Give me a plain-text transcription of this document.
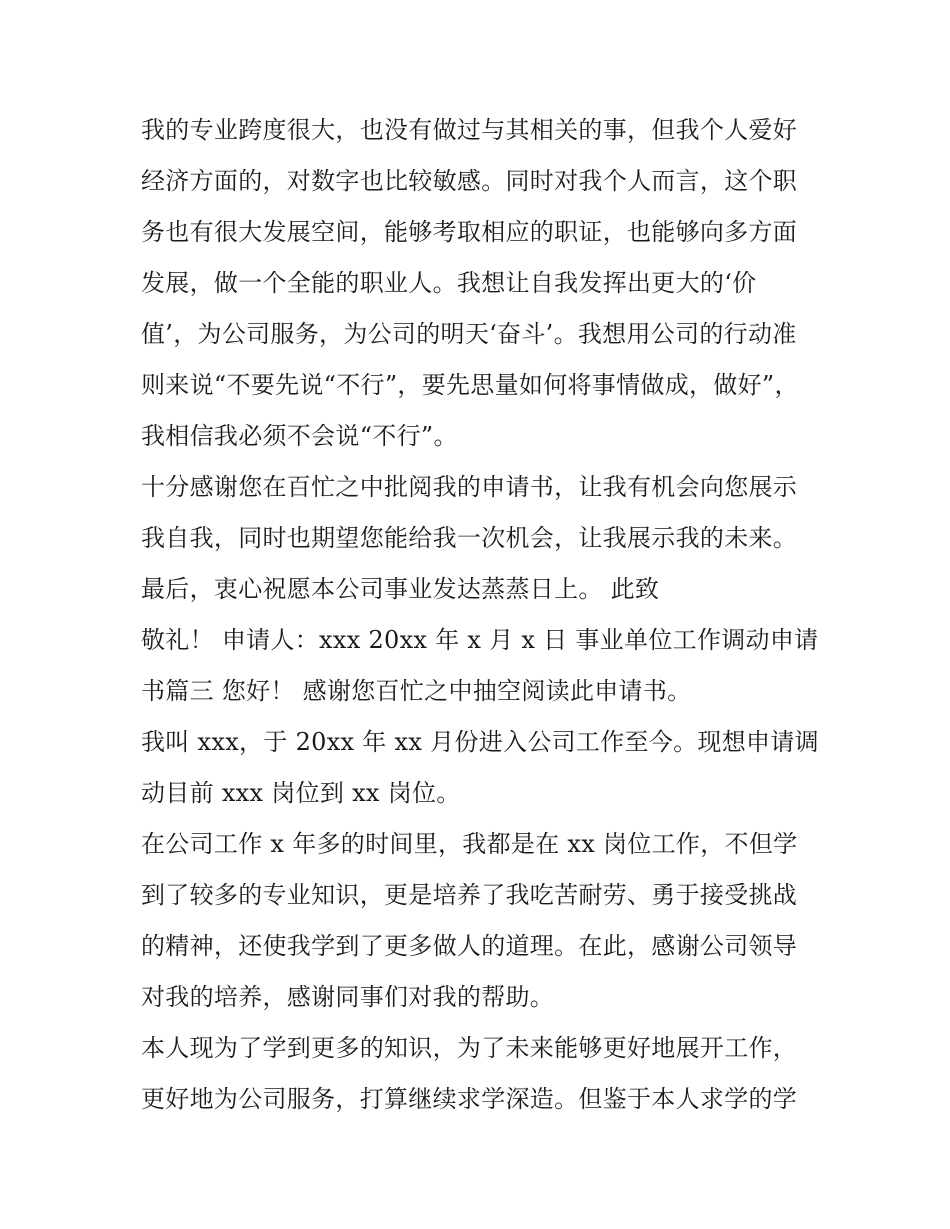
我的专业跨度很大，也没有做过与其相关的事，但我个人爱好
经济方面的，对数字也比较敏感。同时对我个人而言，这个职
务也有很大发展空间，能够考取相应的职证，也能够向多方面
发展，做一个全能的职业人。我想让自我发挥出更大的‘价
值’，为公司服务，为公司的明天‘奋斗’。我想用公司的行动准
则来说“不要先说“不行”，要先思量如何将事情做成，做好”，
我相信我必须不会说“不行”。
十分感谢您在百忙之中批阅我的申请书，让我有机会向您展示
我自我，同时也期望您能给我一次机会，让我展示我的未来。
最后，衷心祝愿本公司事业发达蒸蒸日上。 此致
敬礼！ 申请人：xxx 20xx 年 x 月 x 日 事业单位工作调动申请
书篇三 您好！ 感谢您百忙之中抽空阅读此申请书。
我叫 xxx，于 20xx 年 xx 月份进入公司工作至今。现想申请调
动目前 xxx 岗位到 xx 岗位。
在公司工作 x 年多的时间里，我都是在 xx 岗位工作，不但学
到了较多的专业知识，更是培养了我吃苦耐劳、勇于接受挑战
的精神，还使我学到了更多做人的道理。在此，感谢公司领导
对我的培养，感谢同事们对我的帮助。
本人现为了学到更多的知识，为了未来能够更好地展开工作，
更好地为公司服务，打算继续求学深造。但鉴于本人求学的学
